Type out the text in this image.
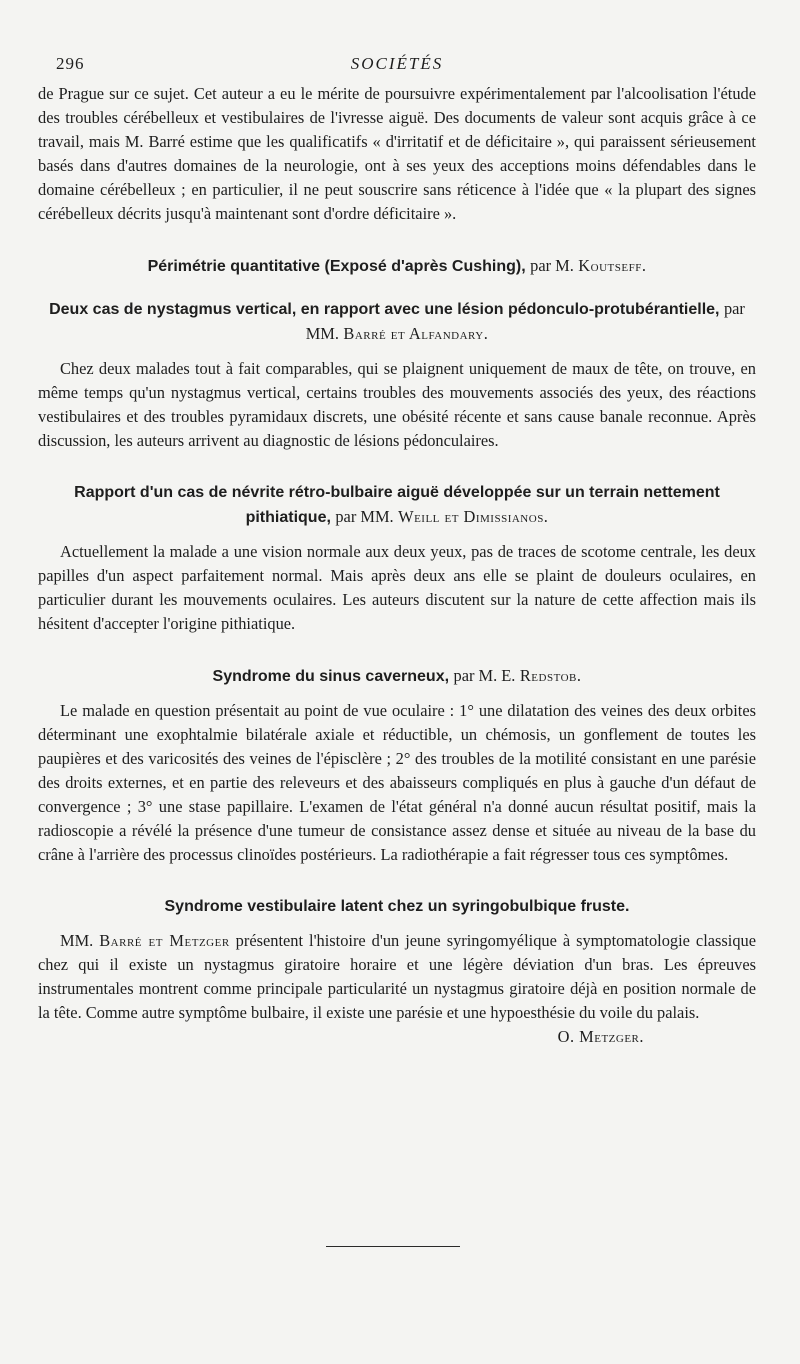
296	SOCIÉTÉS

de Prague sur ce sujet. Cet auteur a eu le mérite de poursuivre expérimentalement par l'alcoolisation l'étude des troubles cérébelleux et vestibulaires de l'ivresse aiguë. Des documents de valeur sont acquis grâce à ce travail, mais M. Barré estime que les qualificatifs « d'irritatif et de déficitaire », qui paraissent sérieusement basés dans d'autres domaines de la neurologie, ont à ses yeux des acceptions moins défendables dans le domaine cérébelleux ; en particulier, il ne peut souscrire sans réticence à l'idée que « la plupart des signes cérébelleux décrits jusqu'à maintenant sont d'ordre déficitaire ».

Périmétrie quantitative (Exposé d'après Cushing), par M. Koutseff.
Deux cas de nystagmus vertical, en rapport avec une lésion pédonculo-protubérantielle, par MM. Barré et Alfandary.

Chez deux malades tout à fait comparables, qui se plaignent uniquement de maux de tête, on trouve, en même temps qu'un nystagmus vertical, certains troubles des mouvements associés des yeux, des réactions vestibulaires et des troubles pyramidaux discrets, une obésité récente et sans cause banale reconnue. Après discussion, les auteurs arrivent au diagnostic de lésions pédonculaires.

Rapport d'un cas de névrite rétro-bulbaire aiguë développée sur un terrain nettement pithiatique, par MM. Weill et Dimissianos.

Actuellement la malade a une vision normale aux deux yeux, pas de traces de scotome centrale, les deux papilles d'un aspect parfaitement normal. Mais après deux ans elle se plaint de douleurs oculaires, en particulier durant les mouvements oculaires. Les auteurs discutent sur la nature de cette affection mais ils hésitent d'accepter l'origine pithiatique.

Syndrome du sinus caverneux, par M. E. Redstob.

Le malade en question présentait au point de vue oculaire : 1° une dilatation des veines des deux orbites déterminant une exophtalmie bilatérale axiale et réductible, un chémosis, un gonflement de toutes les paupières et des varicosités des veines de l'épisclère ; 2° des troubles de la motilité consistant en une parésie des droits externes, et en partie des releveurs et des abaisseurs compliqués en plus à gauche d'un défaut de convergence ; 3° une stase papillaire. L'examen de l'état général n'a donné aucun résultat positif, mais la radioscopie a révélé la présence d'une tumeur de consistance assez dense et située au niveau de la base du crâne à l'arrière des processus clinoïdes postérieurs. La radiothérapie a fait régresser tous ces symptômes.

Syndrome vestibulaire latent chez un syringobulbique fruste.

MM. Barré et Metzger présentent l'histoire d'un jeune syringomyélique à symptomatologie classique chez qui il existe un nystagmus giratoire horaire et une légère déviation d'un bras. Les épreuves instrumentales montrent comme principale particularité un nystagmus giratoire déjà en position normale de la tête. Comme autre symptôme bulbaire, il existe une parésie et une hypoesthésie du voile du palais.

O. Metzger.
